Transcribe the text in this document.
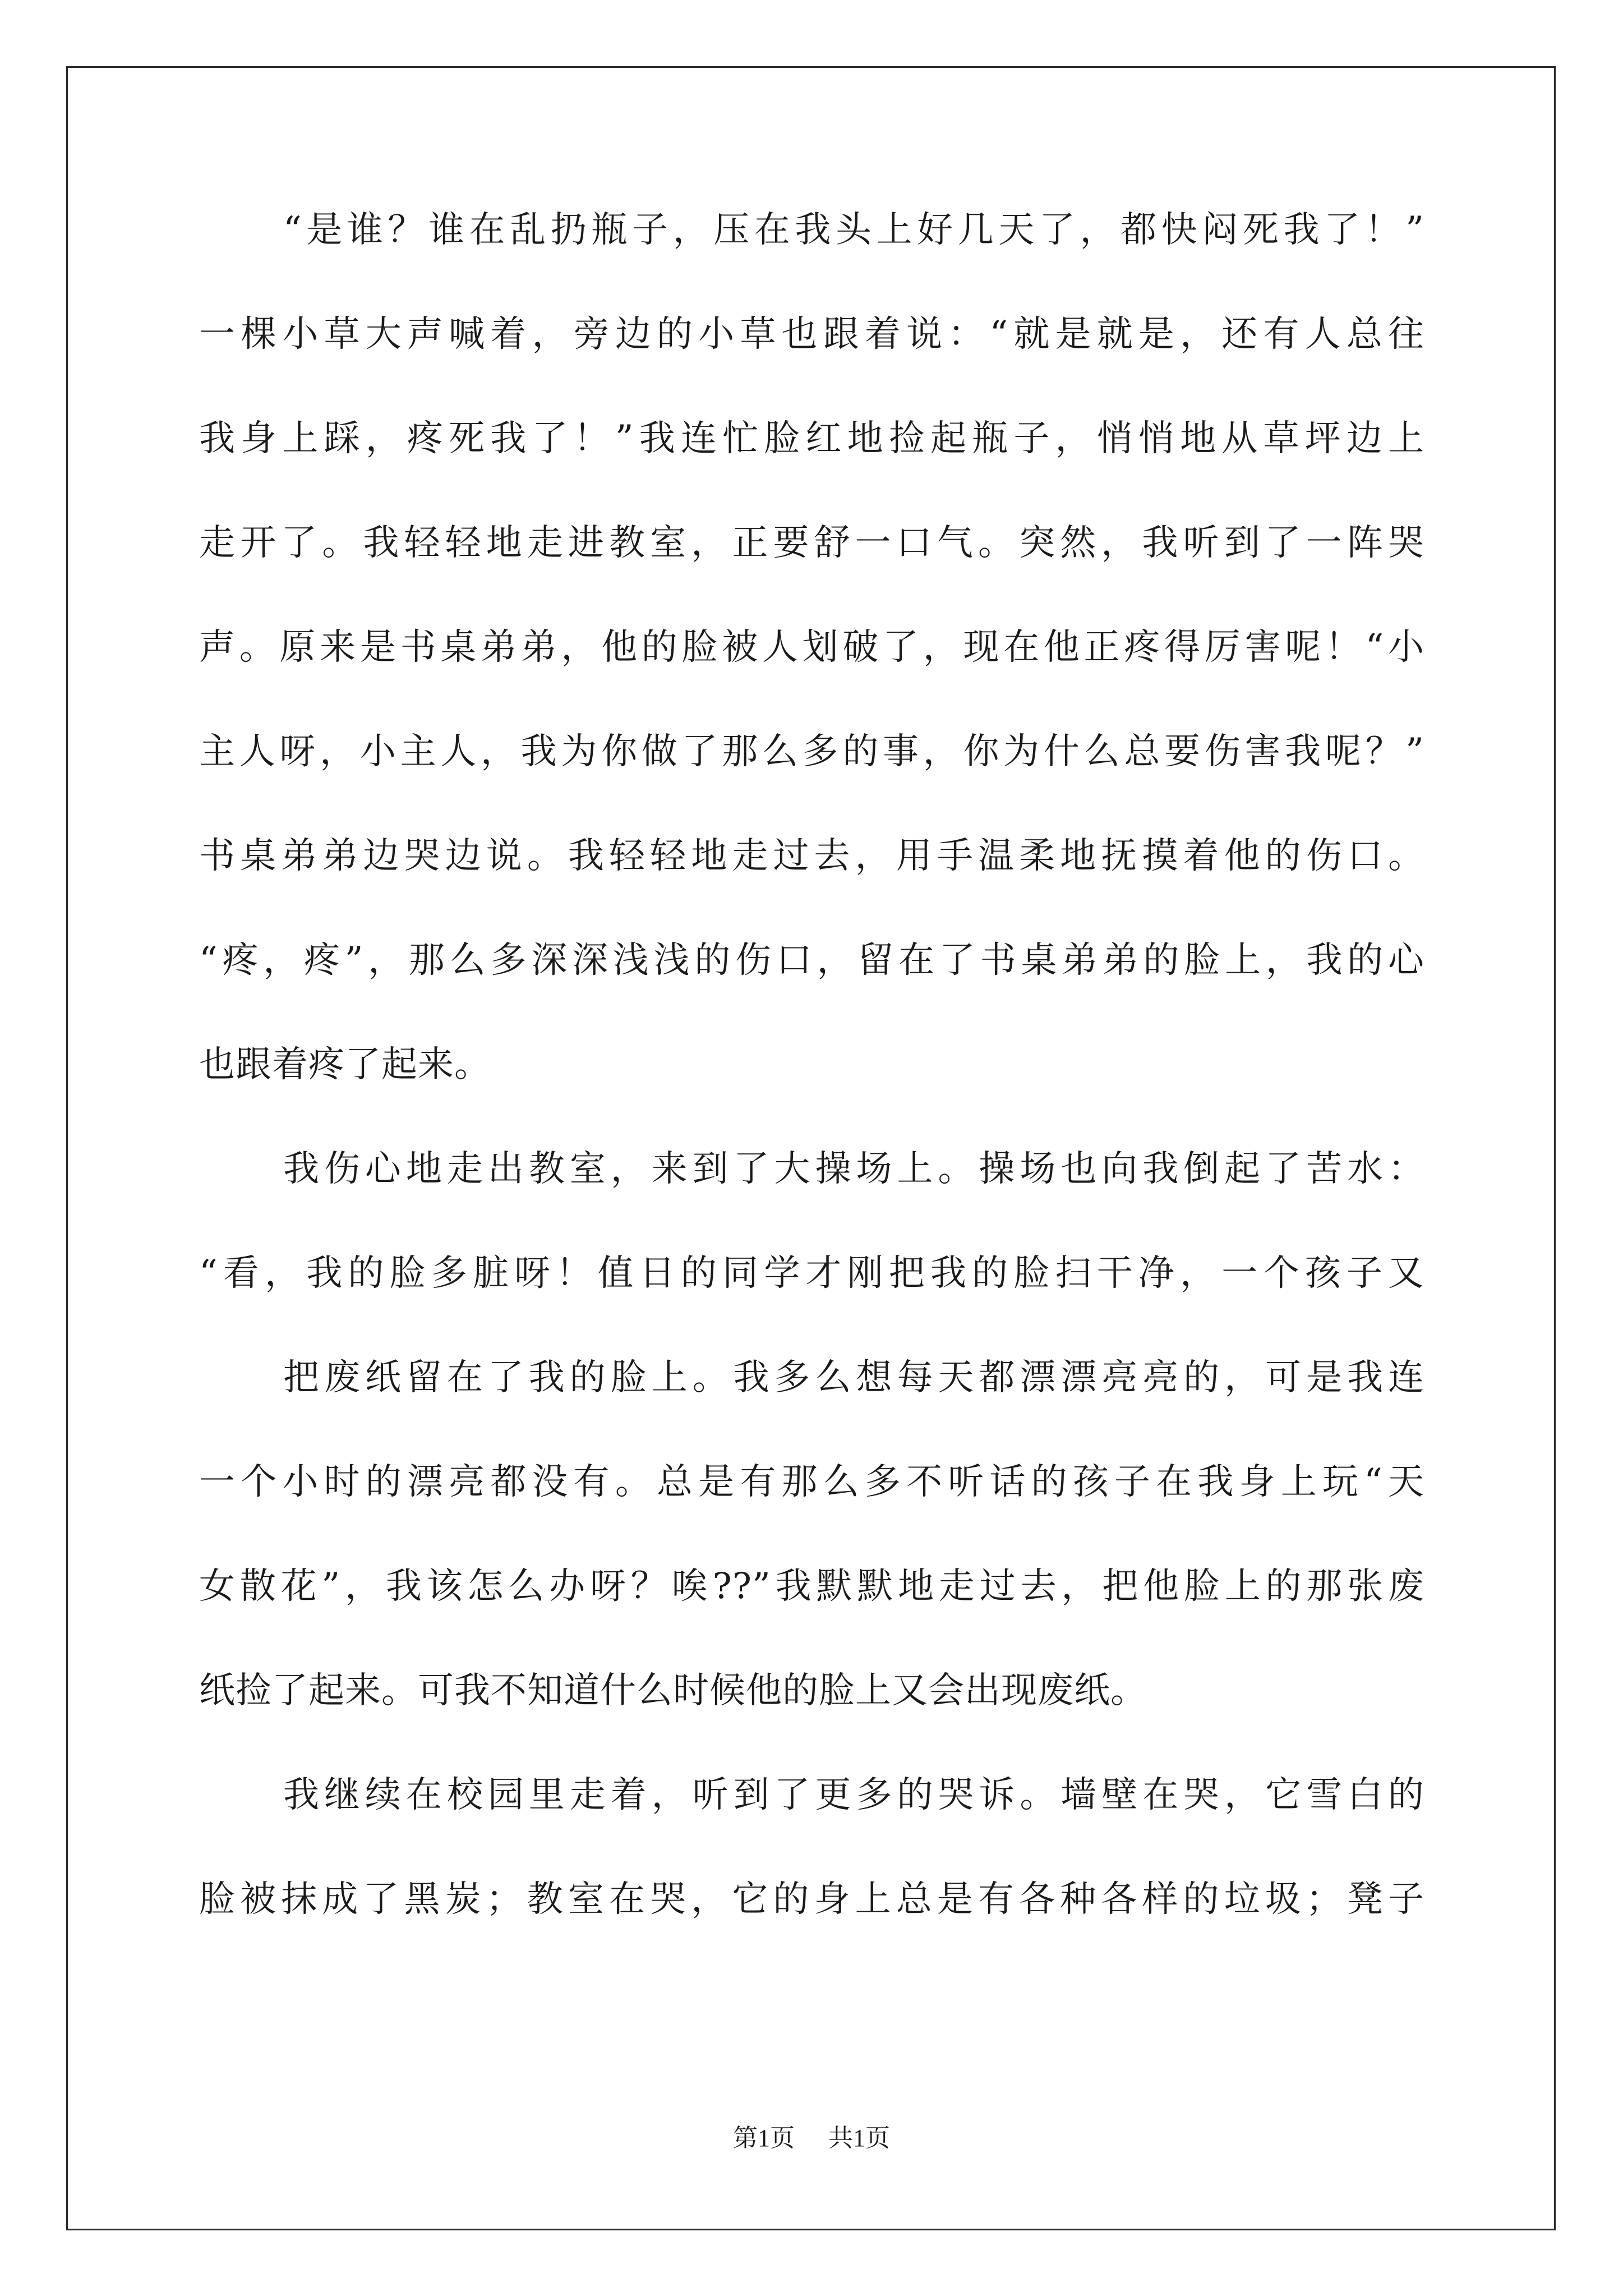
“是谁？谁在乱扔瓶子，压在我头上好几天了，都快闷死我了！”
一棵小草大声喊着，旁边的小草也跟着说：“就是就是，还有人总往
我身上踩，疼死我了！”我连忙脸红地捡起瓶子，悄悄地从草坪边上
走开了。我轻轻地走进教室，正要舒一口气。突然，我听到了一阵哭
声。原来是书桌弟弟，他的脸被人划破了，现在他正疼得厉害呢！“小
主人呀，小主人，我为你做了那么多的事，你为什么总要伤害我呢？”
书桌弟弟边哭边说。我轻轻地走过去，用手温柔地抚摸着他的伤口。
“疼，疼”，那么多深深浅浅的伤口，留在了书桌弟弟的脸上，我的心
也跟着疼了起来。
我伤心地走出教室，来到了大操场上。操场也向我倒起了苦水：
“看，我的脸多脏呀！值日的同学才刚把我的脸扫干净，一个孩子又
把废纸留在了我的脸上。我多么想每天都漂漂亮亮的，可是我连
一个小时的漂亮都没有。总是有那么多不听话的孩子在我身上玩“天
女散花”，我该怎么办呀？唉??”我默默地走过去，把他脸上的那张废
纸捡了起来。可我不知道什么时候他的脸上又会出现废纸。
我继续在校园里走着，听到了更多的哭诉。墙壁在哭，它雪白的
脸被抹成了黑炭；教室在哭，它的身上总是有各种各样的垃圾；凳子
第1页 共1页
